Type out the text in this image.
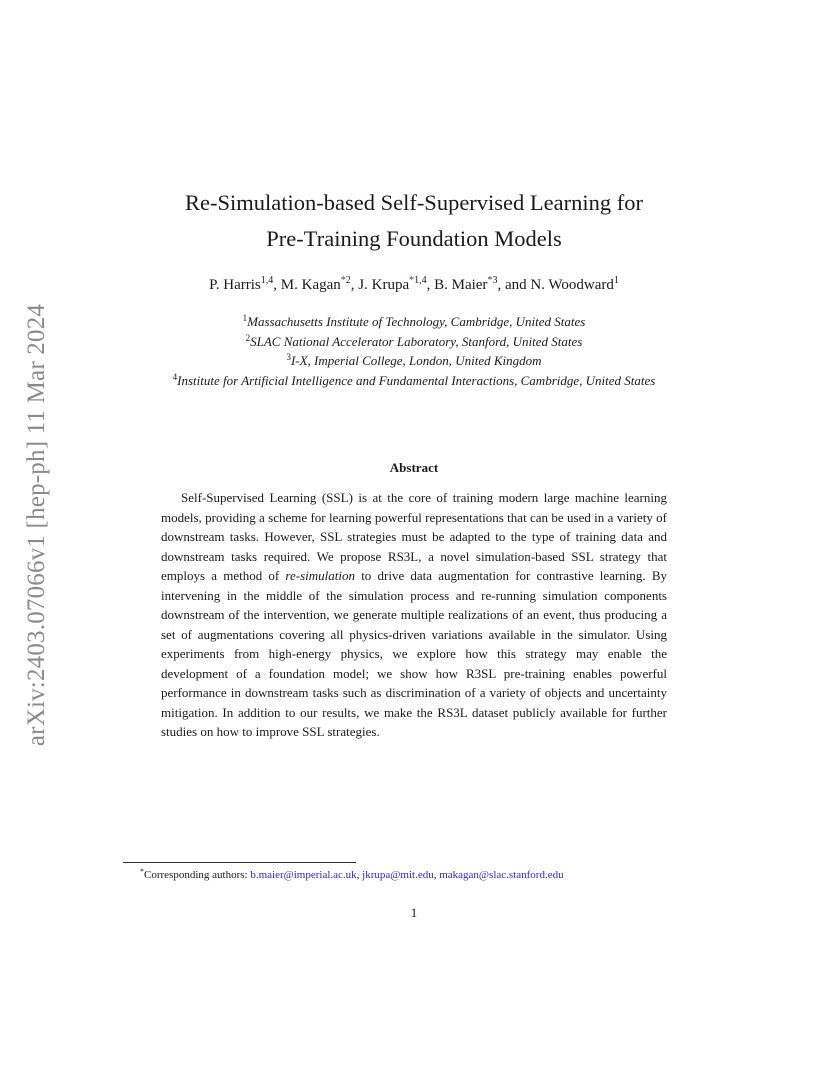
arXiv:2403.07066v1 [hep-ph] 11 Mar 2024
Re-Simulation-based Self-Supervised Learning for
Pre-Training Foundation Models
P. Harris$^{1,4}$, M. Kagan$^{*2}$, J. Krupa$^{*1,4}$, B. Maier$^{*3}$, and N. Woodward$^1$
$^1$Massachusetts Institute of Technology, Cambridge, United States
$^2$SLAC National Accelerator Laboratory, Stanford, United States
$^3$I-X, Imperial College, London, United Kingdom
$^4$Institute for Artificial Intelligence and Fundamental Interactions, Cambridge, United States
Abstract

Self-Supervised Learning (SSL) is at the core of training modern large machine learning models, providing a scheme for learning powerful representations that can be used in a variety of downstream tasks. However, SSL strategies must be adapted to the type of training data and downstream tasks required. We propose RS3L, a novel simulation-based SSL strategy that employs a method of re-simulation to drive data augmentation for contrastive learning. By intervening in the middle of the simulation process and re-running simulation components downstream of the intervention, we generate multiple realizations of an event, thus producing a set of augmentations covering all physics-driven variations available in the simulator. Using experiments from high-energy physics, we explore how this strategy may enable the development of a foundation model; we show how R3SL pre-training enables powerful performance in downstream tasks such as discrimination of a variety of objects and uncertainty mitigation. In addition to our results, we make the RS3L dataset publicly available for further studies on how to improve SSL strategies.

*Corresponding authors: b.maier@imperial.ac.uk, jkrupa@mit.edu, makagan@slac.stanford.edu
1
